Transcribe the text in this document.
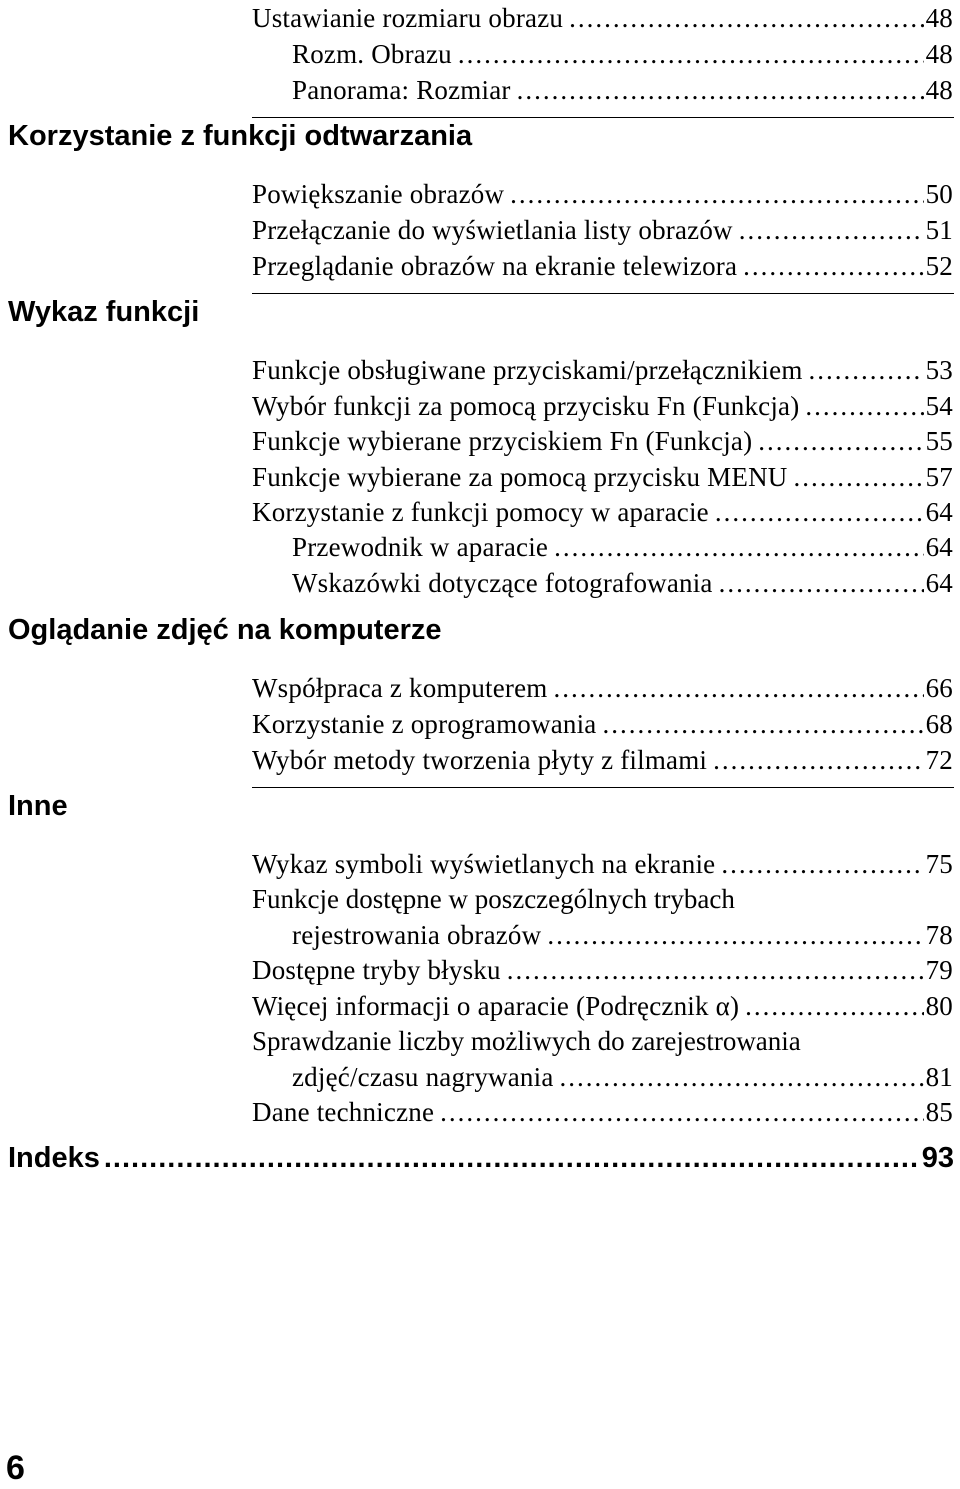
Ustawianie rozmiaru obrazu .....	48
Rozm. Obrazu .....	48
Panorama: Rozmiar .....	48
Korzystanie z funkcji odtwarzania
Powiększanie obrazów .....	50
Przełączanie do wyświetlania listy obrazów .....	51
Przeglądanie obrazów na ekranie telewizora .....	52
Wykaz funkcji
Funkcje obsługiwane przyciskami/przełącznikiem .....	53
Wybór funkcji za pomocą przycisku Fn (Funkcja) .....	54
Funkcje wybierane przyciskiem Fn (Funkcja) .....	55
Funkcje wybierane za pomocą przycisku MENU .....	57
Korzystanie z funkcji pomocy w aparacie .....	64
Przewodnik w aparacie .....	64
Wskazówki dotyczące fotografowania .....	64
Oglądanie zdjęć na komputerze
Współpraca z komputerem .....	66
Korzystanie z oprogramowania .....	68
Wybór metody tworzenia płyty z filmami .....	72
Inne
Wykaz symboli wyświetlanych na ekranie .....	75
Funkcje dostępne w poszczególnych trybach
rejestrowania obrazów .....	78
Dostępne tryby błysku .....	79
Więcej informacji o aparacie (Podręcznik α) .....	80
Sprawdzanie liczby możliwych do zarejestrowania
zdjęć/czasu nagrywania .....	81
Dane techniczne .....	85
Indeks .....	93
6
